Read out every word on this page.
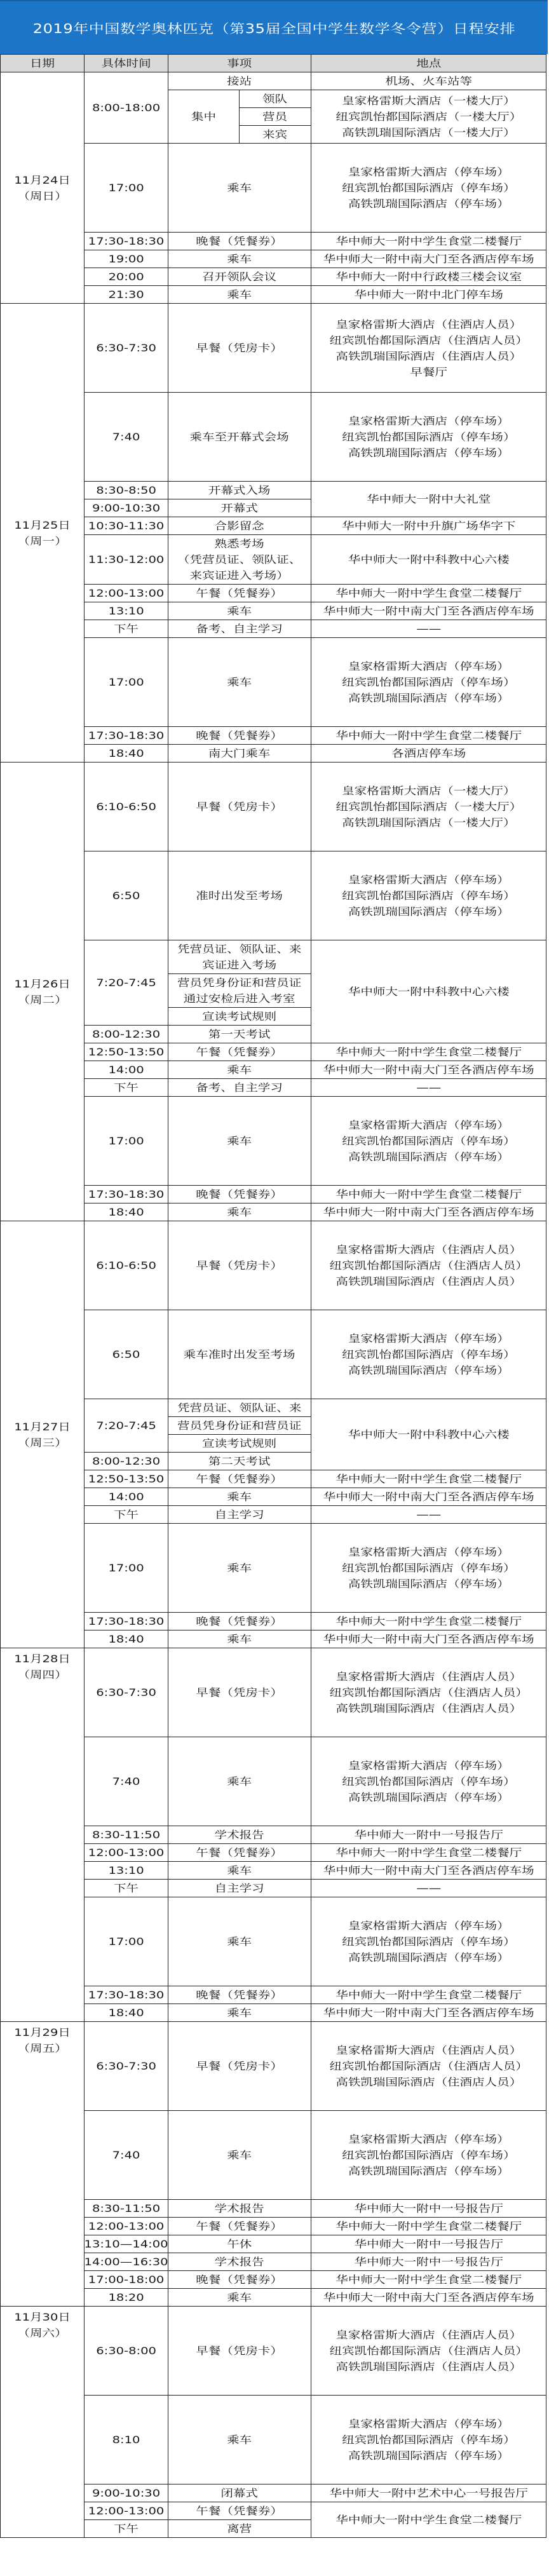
2019年中国数学奥林匹克（第35届全国中学生数学冬令营）日程安排
日期	具体时间	事项		地点

11月24日
（周日）	8:00-18:00	接站		机场、火车站等

		集中	领队	皇家格雷斯大酒店（一楼大厅）
纽宾凯怡都国际酒店（一楼大厅）
高铁凯瑞国际酒店（一楼大厅）

			营员	

			来宾	

	17:00	乘车		皇家格雷斯大酒店（停车场）
纽宾凯怡都国际酒店（停车场）
高铁凯瑞国际酒店（停车场）

	17:30-18:30	晚餐（凭餐券）		华中师大一附中学生食堂二楼餐厅

	19:00	乘车		华中师大一附中南大门至各酒店停车场

	20:00	召开领队会议		华中师大一附中行政楼三楼会议室

	21:30	乘车		华中师大一附中北门停车场

11月25日
（周一）	6:30-7:30	早餐（凭房卡）		皇家格雷斯大酒店（住酒店人员）
纽宾凯怡都国际酒店（住酒店人员）
高铁凯瑞国际酒店（住酒店人员）
早餐厅

	7:40	乘车至开幕式会场		皇家格雷斯大酒店（停车场）
纽宾凯怡都国际酒店（停车场）
高铁凯瑞国际酒店（停车场）

	8:30-8:50	开幕式入场		华中师大一附中大礼堂

	9:00-10:30	开幕式		

	10:30-11:30	合影留念		华中师大一附中升旗广场华字下

	11:30-12:00	熟悉考场
（凭营员证、领队证、
来宾证进入考场）		华中师大一附中科教中心六楼

	12:00-13:00	午餐（凭餐券）		华中师大一附中学生食堂二楼餐厅

	13:10	乘车		华中师大一附中南大门至各酒店停车场

	下午	备考、自主学习		——

	17:00	乘车		皇家格雷斯大酒店（停车场）
纽宾凯怡都国际酒店（停车场）
高铁凯瑞国际酒店（停车场）

	17:30-18:30	晚餐（凭餐券）		华中师大一附中学生食堂二楼餐厅

	18:40	南大门乘车		各酒店停车场

11月26日
（周二）	6:10-6:50	早餐（凭房卡）		皇家格雷斯大酒店（一楼大厅）
纽宾凯怡都国际酒店（一楼大厅）
高铁凯瑞国际酒店（一楼大厅）

	6:50	准时出发至考场		皇家格雷斯大酒店（停车场）
纽宾凯怡都国际酒店（停车场）
高铁凯瑞国际酒店（停车场）

	7:20-7:45	凭营员证、领队证、来
宾证进入考场		华中师大一附中科教中心六楼

		营员凭身份证和营员证
通过安检后进入考室		

		宣读考试规则		

	8:00-12:30	第一天考试		

	12:50-13:50	午餐（凭餐券）		华中师大一附中学生食堂二楼餐厅

	14:00	乘车		华中师大一附中南大门至各酒店停车场

	下午	备考、自主学习		——

	17:00	乘车		皇家格雷斯大酒店（停车场）
纽宾凯怡都国际酒店（停车场）
高铁凯瑞国际酒店（停车场）

	17:30-18:30	晚餐（凭餐券）		华中师大一附中学生食堂二楼餐厅

	18:40	乘车		华中师大一附中南大门至各酒店停车场

11月27日
（周三）	6:10-6:50	早餐（凭房卡）		皇家格雷斯大酒店（住酒店人员）
纽宾凯怡都国际酒店（住酒店人员）
高铁凯瑞国际酒店（住酒店人员）

	6:50	乘车准时出发至考场		皇家格雷斯大酒店（停车场）
纽宾凯怡都国际酒店（停车场）
高铁凯瑞国际酒店（停车场）

	7:20-7:45	凭营员证、领队证、来		华中师大一附中科教中心六楼

		营员凭身份证和营员证		

		宣读考试规则		

	8:00-12:30	第二天考试		

	12:50-13:50	午餐（凭餐券）		华中师大一附中学生食堂二楼餐厅

	14:00	乘车		华中师大一附中南大门至各酒店停车场

	下午	自主学习		——

	17:00	乘车		皇家格雷斯大酒店（停车场）
纽宾凯怡都国际酒店（停车场）
高铁凯瑞国际酒店（停车场）

	17:30-18:30	晚餐（凭餐券）		华中师大一附中学生食堂二楼餐厅

	18:40	乘车		华中师大一附中南大门至各酒店停车场

11月28日
（周四）	6:30-7:30	早餐（凭房卡）		皇家格雷斯大酒店（住酒店人员）
纽宾凯怡都国际酒店（住酒店人员）
高铁凯瑞国际酒店（住酒店人员）

	7:40	乘车		皇家格雷斯大酒店（停车场）
纽宾凯怡都国际酒店（停车场）
高铁凯瑞国际酒店（停车场）

	8:30-11:50	学术报告		华中师大一附中一号报告厅

	12:00-13:00	午餐（凭餐券）		华中师大一附中学生食堂二楼餐厅

	13:10	乘车		华中师大一附中南大门至各酒店停车场

	下午	自主学习		——

	17:00	乘车		皇家格雷斯大酒店（停车场）
纽宾凯怡都国际酒店（停车场）
高铁凯瑞国际酒店（停车场）

	17:30-18:30	晚餐（凭餐券）		华中师大一附中学生食堂二楼餐厅

	18:40	乘车		华中师大一附中南大门至各酒店停车场

11月29日
（周五）	6:30-7:30	早餐（凭房卡）		皇家格雷斯大酒店（住酒店人员）
纽宾凯怡都国际酒店（住酒店人员）
高铁凯瑞国际酒店（住酒店人员）

	7:40	乘车		皇家格雷斯大酒店（停车场）
纽宾凯怡都国际酒店（停车场）
高铁凯瑞国际酒店（停车场）

	8:30-11:50	学术报告		华中师大一附中一号报告厅

	12:00-13:00	午餐（凭餐券）		华中师大一附中学生食堂二楼餐厅

	13:10—14:00	午休		华中师大一附中一号报告厅

	14:00—16:30	学术报告		华中师大一附中一号报告厅

	17:00-18:00	晚餐（凭餐券）		华中师大一附中学生食堂二楼餐厅

	18:20	乘车		华中师大一附中南大门至各酒店停车场

11月30日
（周六）	6:30-8:00	早餐（凭房卡）		皇家格雷斯大酒店（住酒店人员）
纽宾凯怡都国际酒店（住酒店人员）
高铁凯瑞国际酒店（住酒店人员）

	8:10	乘车		皇家格雷斯大酒店（停车场）
纽宾凯怡都国际酒店（停车场）
高铁凯瑞国际酒店（停车场）

	9:00-10:30	闭幕式		华中师大一附中艺术中心一号报告厅

	12:00-13:00	午餐（凭餐券）		华中师大一附中学生食堂二楼餐厅

	下午	离营		
